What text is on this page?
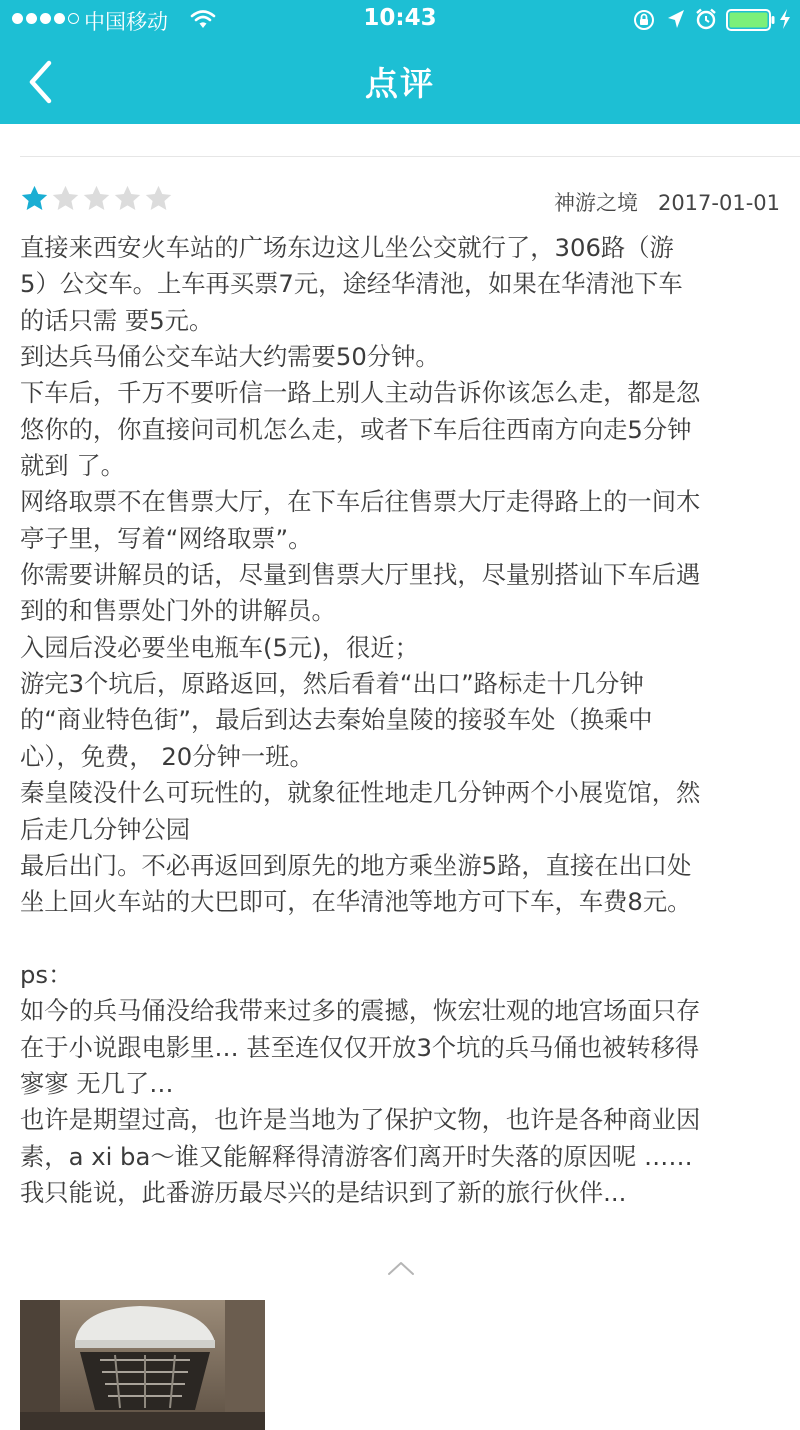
中国移动	10:43
点评
神游之境 2017-01-01
直接来西安火车站的广场东边这儿坐公交就行了，306路（游
5）公交车。上车再买票7元，途经华清池，如果在华清池下车
的话只需 要5元。
到达兵马俑公交车站大约需要50分钟。
下车后，千万不要听信一路上别人主动告诉你该怎么走，都是忽
悠你的，你直接问司机怎么走，或者下车后往西南方向走5分钟
就到 了。
网络取票不在售票大厅，在下车后往售票大厅走得路上的一间木
亭子里，写着“网络取票”。
你需要讲解员的话，尽量到售票大厅里找，尽量别搭讪下车后遇
到的和售票处门外的讲解员。
入园后没必要坐电瓶车(5元)，很近；
游完3个坑后，原路返回，然后看着“出口”路标走十几分钟
的“商业特色街”，最后到达去秦始皇陵的接驳车处（换乘中
心），免费， 20分钟一班。
秦皇陵没什么可玩性的，就象征性地走几分钟两个小展览馆，然
后走几分钟公园
最后出门。不必再返回到原先的地方乘坐游5路，直接在出口处
坐上回火车站的大巴即可，在华清池等地方可下车，车费8元。
ps：
如今的兵马俑没给我带来过多的震撼，恢宏壮观的地宫场面只存
在于小说跟电影里… 甚至连仅仅开放3个坑的兵马俑也被转移得
寥寥 无几了…
也许是期望过高，也许是当地为了保护文物，也许是各种商业因
素，a xi ba～谁又能解释得清游客们离开时失落的原因呢 ……
我只能说，此番游历最尽兴的是结识到了新的旅行伙伴...
